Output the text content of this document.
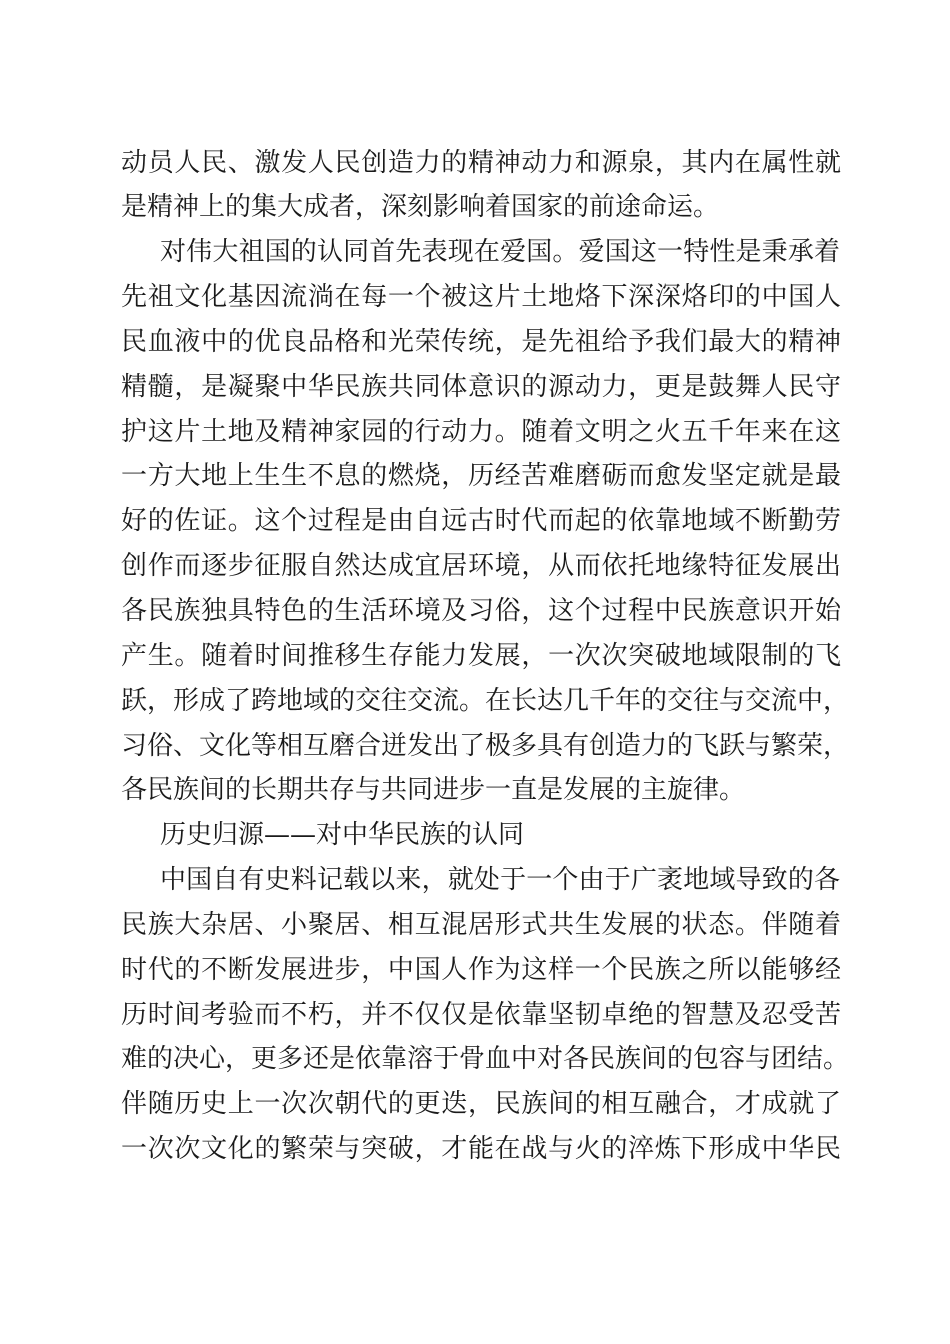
动员人民、激发人民创造力的精神动力和源泉，其内在属性就
是精神上的集大成者，深刻影响着国家的前途命运。
对伟大祖国的认同首先表现在爱国。爱国这一特性是秉承着
先祖文化基因流淌在每一个被这片土地烙下深深烙印的中国人
民血液中的优良品格和光荣传统，是先祖给予我们最大的精神
精髓，是凝聚中华民族共同体意识的源动力，更是鼓舞人民守
护这片土地及精神家园的行动力。随着文明之火五千年来在这
一方大地上生生不息的燃烧，历经苦难磨砺而愈发坚定就是最
好的佐证。这个过程是由自远古时代而起的依靠地域不断勤劳
创作而逐步征服自然达成宜居环境，从而依托地缘特征发展出
各民族独具特色的生活环境及习俗，这个过程中民族意识开始
产生。随着时间推移生存能力发展，一次次突破地域限制的飞
跃，形成了跨地域的交往交流。在长达几千年的交往与交流中，
习俗、文化等相互磨合迸发出了极多具有创造力的飞跃与繁荣，
各民族间的长期共存与共同进步一直是发展的主旋律。
历史归源——对中华民族的认同
中国自有史料记载以来，就处于一个由于广袤地域导致的各
民族大杂居、小聚居、相互混居形式共生发展的状态。伴随着
时代的不断发展进步，中国人作为这样一个民族之所以能够经
历时间考验而不朽，并不仅仅是依靠坚韧卓绝的智慧及忍受苦
难的决心，更多还是依靠溶于骨血中对各民族间的包容与团结。
伴随历史上一次次朝代的更迭，民族间的相互融合，才成就了
一次次文化的繁荣与突破，才能在战与火的淬炼下形成中华民
